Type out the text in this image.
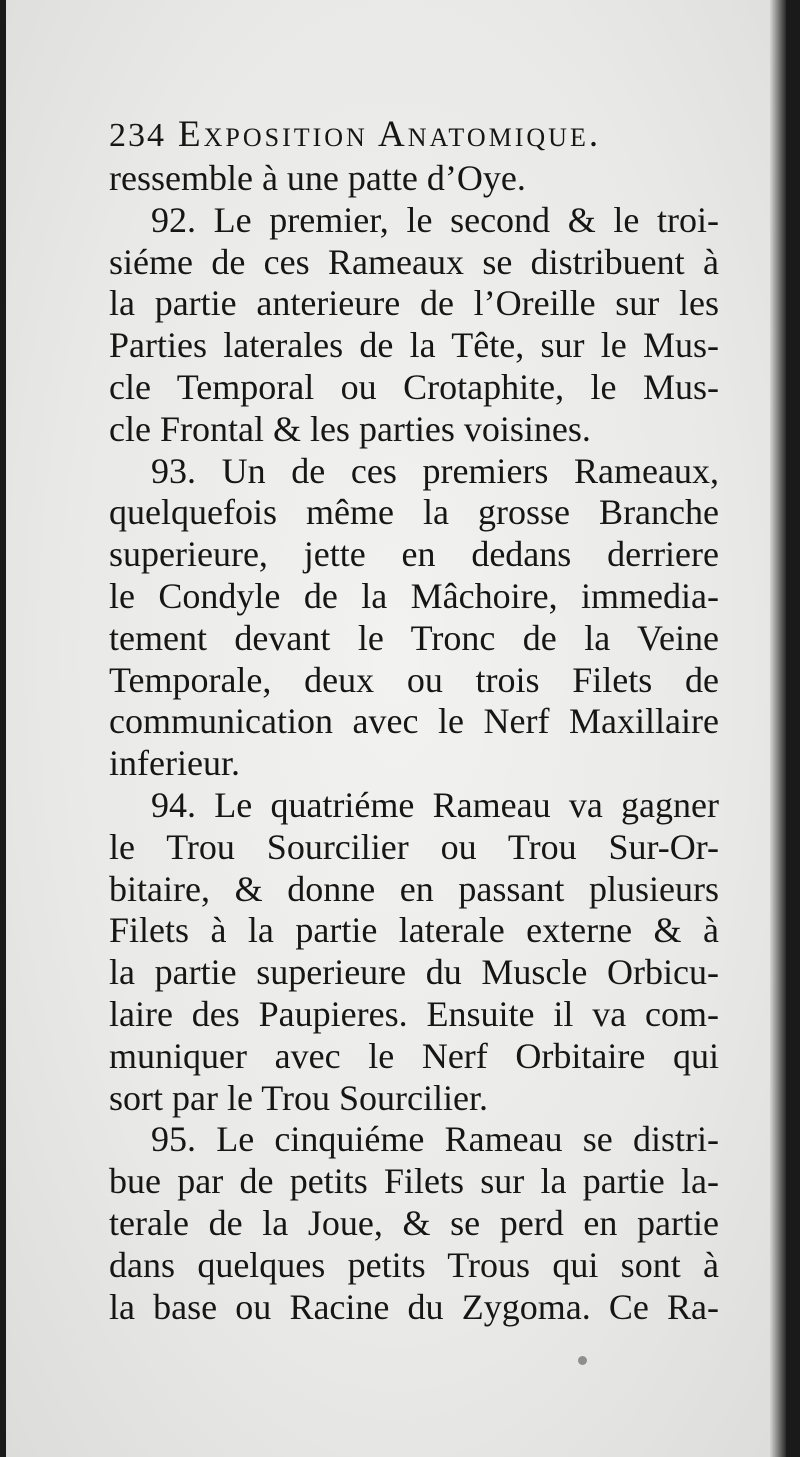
234 Exposition Anatomique.
ressemble à une patte d’Oye.
92. Le premier, le second & le troi-
siéme de ces Rameaux se distribuent à
la partie anterieure de l’Oreille sur les
Parties laterales de la Tête, sur le Mus-
cle Temporal ou Crotaphite, le Mus-
cle Frontal & les parties voisines.
93. Un de ces premiers Rameaux,
quelquefois même la grosse Branche
superieure, jette en dedans derriere
le Condyle de la Mâchoire, immedia-
tement devant le Tronc de la Veine
Temporale, deux ou trois Filets de
communication avec le Nerf Maxillaire
inferieur.
94. Le quatriéme Rameau va gagner
le Trou Sourcilier ou Trou Sur-Or-
bitaire, & donne en passant plusieurs
Filets à la partie laterale externe & à
la partie superieure du Muscle Orbicu-
laire des Paupieres. Ensuite il va com-
muniquer avec le Nerf Orbitaire qui
sort par le Trou Sourcilier.
95. Le cinquiéme Rameau se distri-
bue par de petits Filets sur la partie la-
terale de la Joue, & se perd en partie
dans quelques petits Trous qui sont à
la base ou Racine du Zygoma. Ce Ra-
